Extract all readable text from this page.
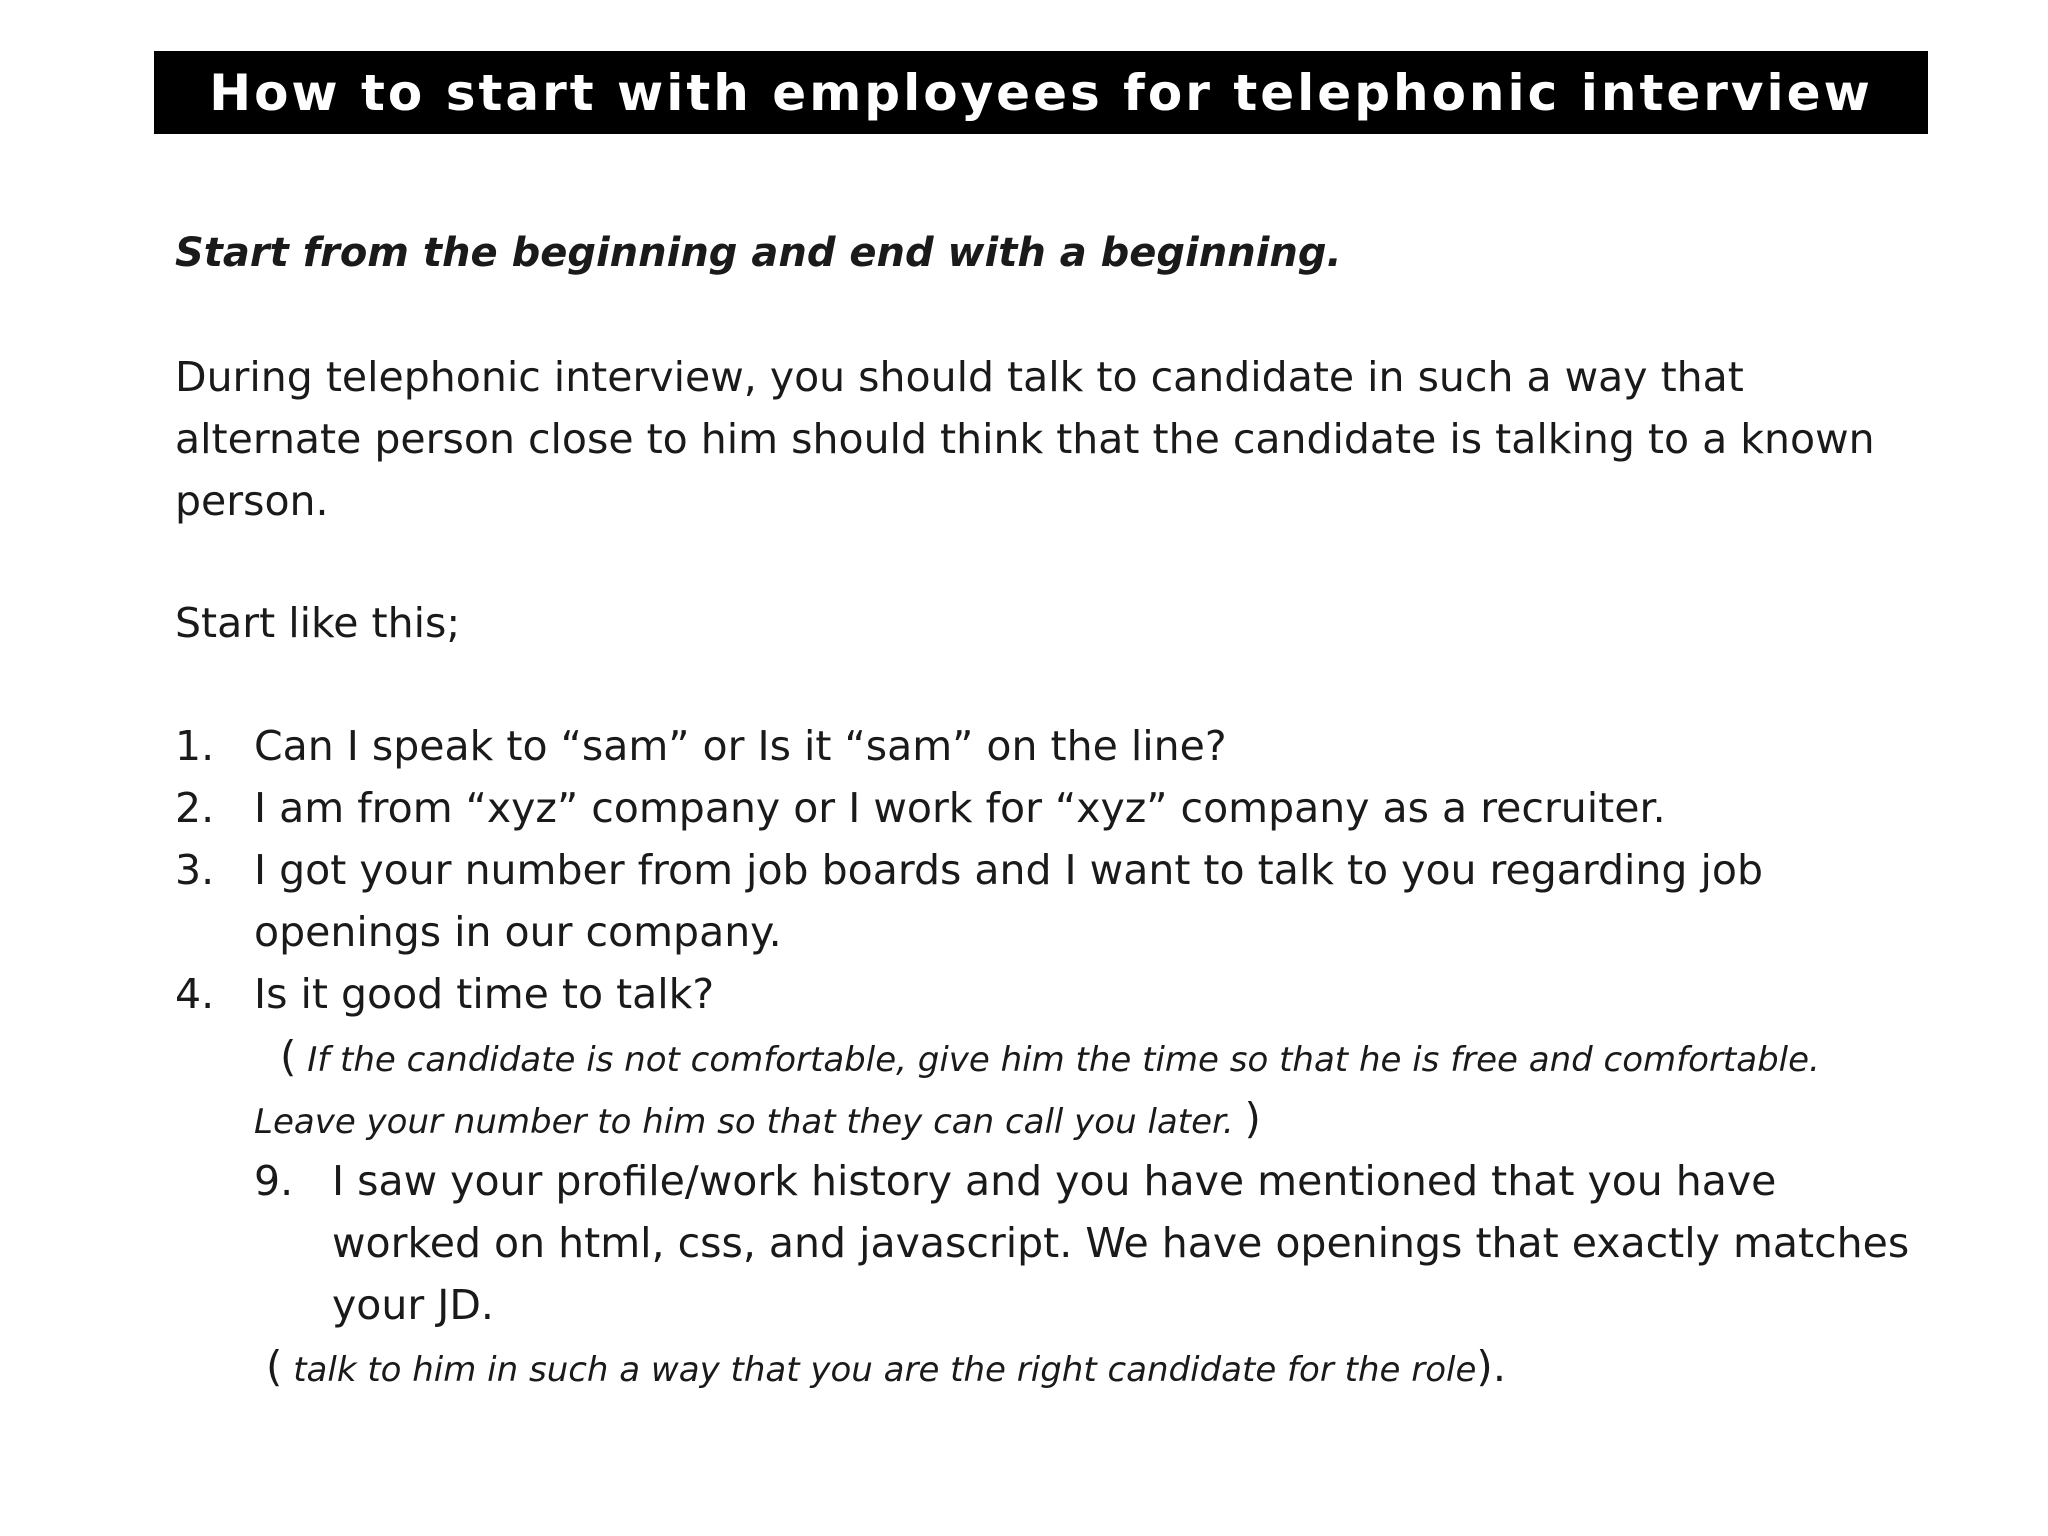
How to start with employees for telephonic interview
Start from the beginning and end with a beginning.
During telephonic interview, you should talk to candidate in such a way that
alternate person close to him should think that the candidate is talking to a known
person.
Start like this;
1. Can I speak to “sam” or Is it “sam” on the line?
2. I am from “xyz” company or I work for “xyz” company as a recruiter.
3. I got your number from job boards and I want to talk to you regarding job
openings in our company.
4. Is it good time to talk?
( If the candidate is not comfortable, give him the time so that he is free and comfortable.
Leave your number to him so that they can call you later. )
9. I saw your profile/work history and you have mentioned that you have
worked on html, css, and javascript. We have openings that exactly matches
your JD.
( talk to him in such a way that you are the right candidate for the role).
